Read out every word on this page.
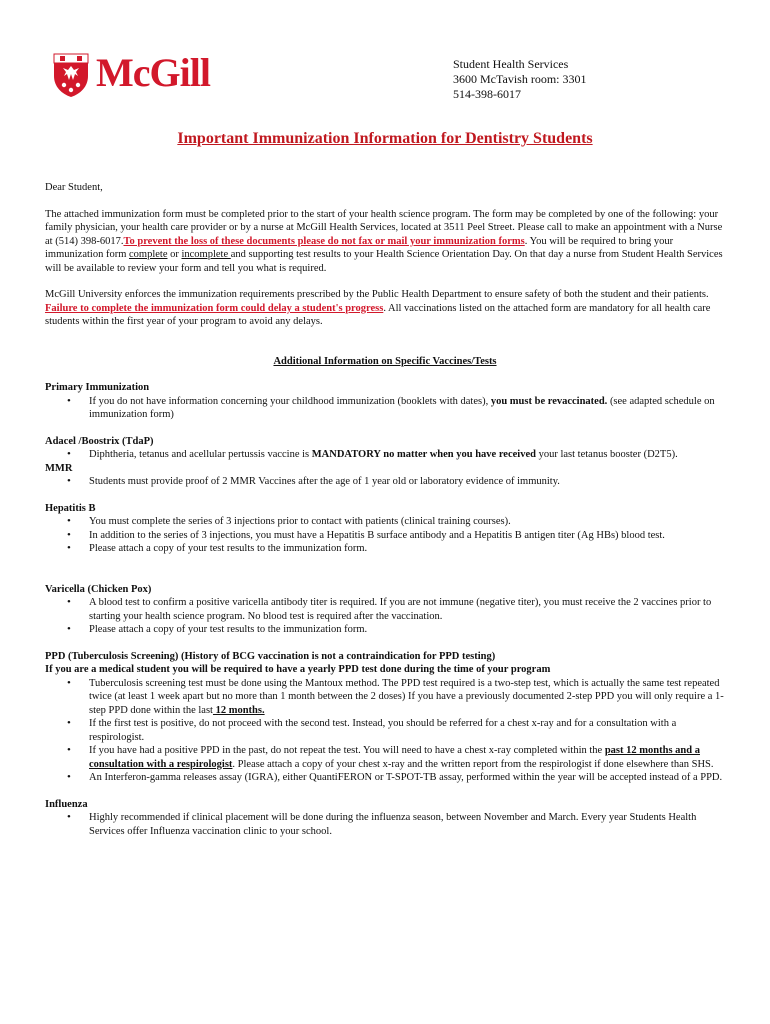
McGill	Student Health Services
3600 McTavish room: 3301
514-398-6017
Important Immunization Information for Dentistry Students

Dear Student,

The attached immunization form must be completed prior to the start of your health science program. The form may be completed by one of the following: your family physician, your health care provider or by a nurse at McGill Health Services, located at 3511 Peel Street. Please call to make an appointment with a Nurse at (514) 398-6017.To prevent the loss of these documents please do not fax or mail your immunization forms. You will be required to bring your immunization form complete or incomplete and supporting test results to your Health Science Orientation Day. On that day a nurse from Student Health Services will be available to review your form and tell you what is required.

McGill University enforces the immunization requirements prescribed by the Public Health Department to ensure safety of both the student and their patients. Failure to complete the immunization form could delay a student's progress. All vaccinations listed on the attached form are mandatory for all health care students within the first year of your program to avoid any delays.

Additional Information on Specific Vaccines/Tests

Primary Immunization

• If you do not have information concerning your childhood immunization (booklets with dates), you must be revaccinated. (see adapted schedule on immunization form)

Adacel /Boostrix (TdaP)

• Diphtheria, tetanus and acellular pertussis vaccine is MANDATORY no matter when you have received your last tetanus booster (D2T5).

MMR

• Students must provide proof of 2 MMR Vaccines after the age of 1 year old or laboratory evidence of immunity.

Hepatitis B

• You must complete the series of 3 injections prior to contact with patients (clinical training courses).
• In addition to the series of 3 injections, you must have a Hepatitis B surface antibody and a Hepatitis B antigen titer (Ag HBs) blood test.
• Please attach a copy of your test results to the immunization form.

Varicella (Chicken Pox)

• A blood test to confirm a positive varicella antibody titer is required. If you are not immune (negative titer), you must receive the 2 vaccines prior to starting your health science program. No blood test is required after the vaccination.
• Please attach a copy of your test results to the immunization form.

PPD (Tuberculosis Screening) (History of BCG vaccination is not a contraindication for PPD testing)

If you are a medical student you will be required to have a yearly PPD test done during the time of your program

• Tuberculosis screening test must be done using the Mantoux method. The PPD test required is a two-step test, which is actually the same test repeated twice (at least 1 week apart but no more than 1 month between the 2 doses) If you have a previously documented 2-step PPD you will only require a 1-step PPD done within the last 12 months.
• If the first test is positive, do not proceed with the second test. Instead, you should be referred for a chest x-ray and for a consultation with a respirologist.
• If you have had a positive PPD in the past, do not repeat the test. You will need to have a chest x-ray completed within the past 12 months and a consultation with a respirologist. Please attach a copy of your chest x-ray and the written report from the respirologist if done elsewhere than SHS.
• An Interferon-gamma releases assay (IGRA), either QuantiFERON or T-SPOT-TB assay, performed within the year will be accepted instead of a PPD.

Influenza

• Highly recommended if clinical placement will be done during the influenza season, between November and March. Every year Students Health Services offer Influenza vaccination clinic to your school.
